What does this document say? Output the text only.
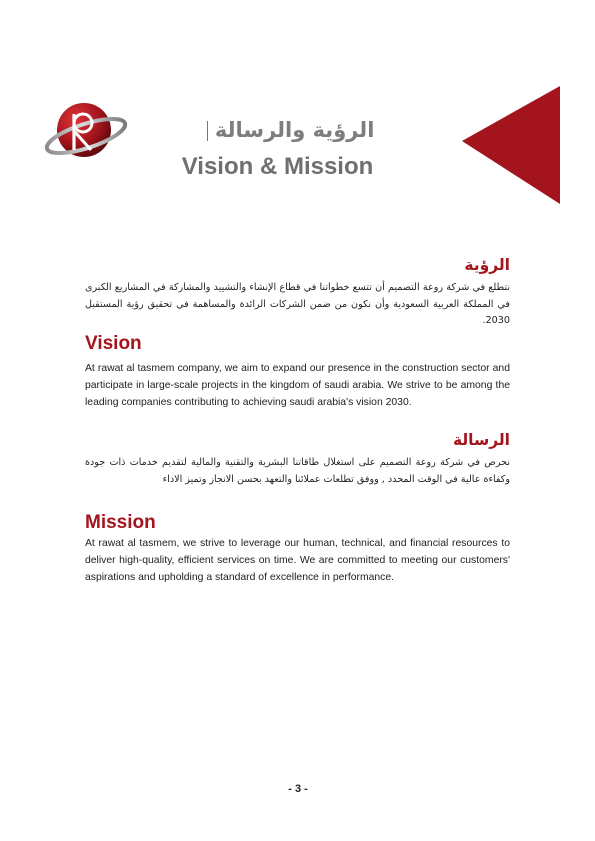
الرؤية والرسالة
Vision & Mission
الرؤية
نتطلع في شركة روعة التصميم أن تتسع خطواتنا في قطاع الإنشاء والتشييد والمشاركة في المشاريع الكبرى في المملكة العربية السعودية وأن نكون من ضمن الشركات الرائدة والمساهمة في تحقيق رؤية المستقبل 2030.
Vision
At rawat al tasmem company, we aim to expand our presence in the construction sector and participate in large-scale projects in the kingdom of saudi arabia. We strive to be among the leading companies contributing to achieving saudi arabia's vision 2030.
الرسالة
نحرص في شركة روعة التصميم على استغلال طاقاتنا البشرية والتقنية والمالية لتقديم خدمات ذات جودة وكفاءة عالية في الوقت المحدد , ووفق تطلعات عملائنا والتعهد بحسن الانجاز وتميز الاداء
Mission
At rawat al tasmem, we strive to leverage our human, technical, and financial resources to deliver high-quality, efficient services on time. We are committed to meeting our customers' aspirations and upholding a standard of excellence in performance.
- 3 -
